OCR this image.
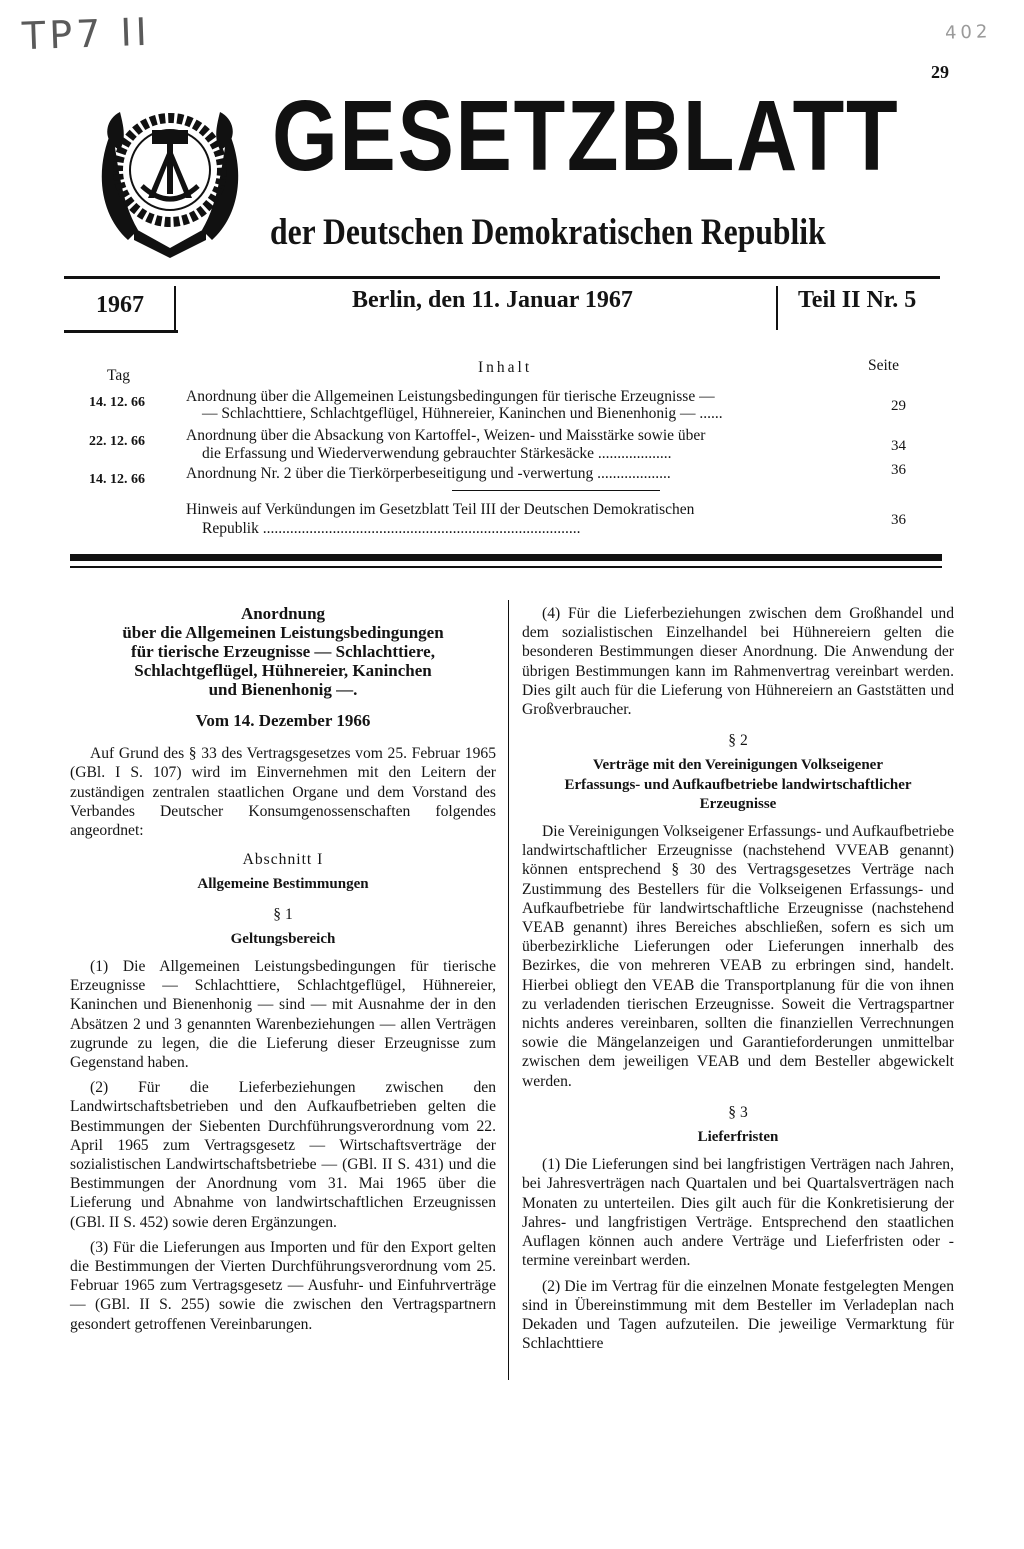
TP7 II	402
29
GESETZBLATT
der Deutschen Demokratischen Republik
1967	Berlin, den 11. Januar 1967	Teil II Nr. 5
Tag	Inhalt	Seite
14. 12. 66	Anordnung über die Allgemeinen Leistungsbedingungen für tierische Erzeugnisse —
— Schlachttiere, Schlachtgeflügel, Hühnereier, Kaninchen und Bienenhonig — ......	29
22. 12. 66	Anordnung über die Absackung von Kartoffel-, Weizen- und Maisstärke sowie über
die Erfassung und Wiederverwendung gebrauchter Stärkesäcke ...................	34
14. 12. 66	Anordnung Nr. 2 über die Tierkörperbeseitigung und -verwertung ...................	36
Hinweis auf Verkündungen im Gesetzblatt Teil III der Deutschen Demokratischen
Republik ..................................................................................	36
Anordnung
über die Allgemeinen Leistungsbedingungen
für tierische Erzeugnisse — Schlachttiere,
Schlachtgeflügel, Hühnereier, Kaninchen
und Bienenhonig —.
Vom 14. Dezember 1966

Auf Grund des § 33 des Vertragsgesetzes vom 25. Februar 1965 (GBl. I S. 107) wird im Einvernehmen mit den Leitern der zuständigen zentralen staatlichen Organe und dem Vorstand des Verbandes Deutscher Konsumgenossenschaften folgendes angeordnet:

Abschnitt I
Allgemeine Bestimmungen
§ 1
Geltungsbereich

(1) Die Allgemeinen Leistungsbedingungen für tierische Erzeugnisse — Schlachttiere, Schlachtgeflügel, Hühnereier, Kaninchen und Bienenhonig — sind — mit Ausnahme der in den Absätzen 2 und 3 genannten Warenbeziehungen — allen Verträgen zugrunde zu legen, die die Lieferung dieser Erzeugnisse zum Gegenstand haben.

(2) Für die Lieferbeziehungen zwischen den Landwirtschaftsbetrieben und den Aufkaufbetrieben gelten die Bestimmungen der Siebenten Durchführungsverordnung vom 22. April 1965 zum Vertragsgesetz — Wirtschaftsverträge der sozialistischen Landwirtschaftsbetriebe — (GBl. II S. 431) und die Bestimmungen der Anordnung vom 31. Mai 1965 über die Lieferung und Abnahme von landwirtschaftlichen Erzeugnissen (GBl. II S. 452) sowie deren Ergänzungen.

(3) Für die Lieferungen aus Importen und für den Export gelten die Bestimmungen der Vierten Durchführungsverordnung vom 25. Februar 1965 zum Vertragsgesetz — Ausfuhr- und Einfuhrverträge — (GBl. II S. 255) sowie die zwischen den Vertragspartnern gesondert getroffenen Vereinbarungen.

(4) Für die Lieferbeziehungen zwischen dem Großhandel und dem sozialistischen Einzelhandel bei Hühnereiern gelten die besonderen Bestimmungen dieser Anordnung. Die Anwendung der übrigen Bestimmungen kann im Rahmenvertrag vereinbart werden. Dies gilt auch für die Lieferung von Hühnereiern an Gaststätten und Großverbraucher.

§ 2
Verträge mit den Vereinigungen Volkseigener Erfassungs- und Aufkaufbetriebe landwirtschaftlicher Erzeugnisse

Die Vereinigungen Volkseigener Erfassungs- und Aufkaufbetriebe landwirtschaftlicher Erzeugnisse (nachstehend VVEAB genannt) können entsprechend § 30 des Vertragsgesetzes Verträge nach Zustimmung des Bestellers für die Volkseigenen Erfassungs- und Aufkaufbetriebe für landwirtschaftliche Erzeugnisse (nachstehend VEAB genannt) ihres Bereiches abschließen, sofern es sich um überbezirkliche Lieferungen oder Lieferungen innerhalb des Bezirkes, die von mehreren VEAB zu erbringen sind, handelt. Hierbei obliegt den VEAB die Transportplanung für die von ihnen zu verladenden tierischen Erzeugnisse. Soweit die Vertragspartner nichts anderes vereinbaren, sollten die finanziellen Verrechnungen sowie die Mängelanzeigen und Garantieforderungen unmittelbar zwischen dem jeweiligen VEAB und dem Besteller abgewickelt werden.

§ 3
Lieferfristen

(1) Die Lieferungen sind bei langfristigen Verträgen nach Jahren, bei Jahresverträgen nach Quartalen und bei Quartalsverträgen nach Monaten zu unterteilen. Dies gilt auch für die Konkretisierung der Jahres- und langfristigen Verträge. Entsprechend den staatlichen Auflagen können auch andere Verträge und Lieferfristen oder -termine vereinbart werden.

(2) Die im Vertrag für die einzelnen Monate festgelegten Mengen sind in Übereinstimmung mit dem Besteller im Verladeplan nach Dekaden und Tagen aufzuteilen. Die jeweilige Vermarktung für Schlachttiere
